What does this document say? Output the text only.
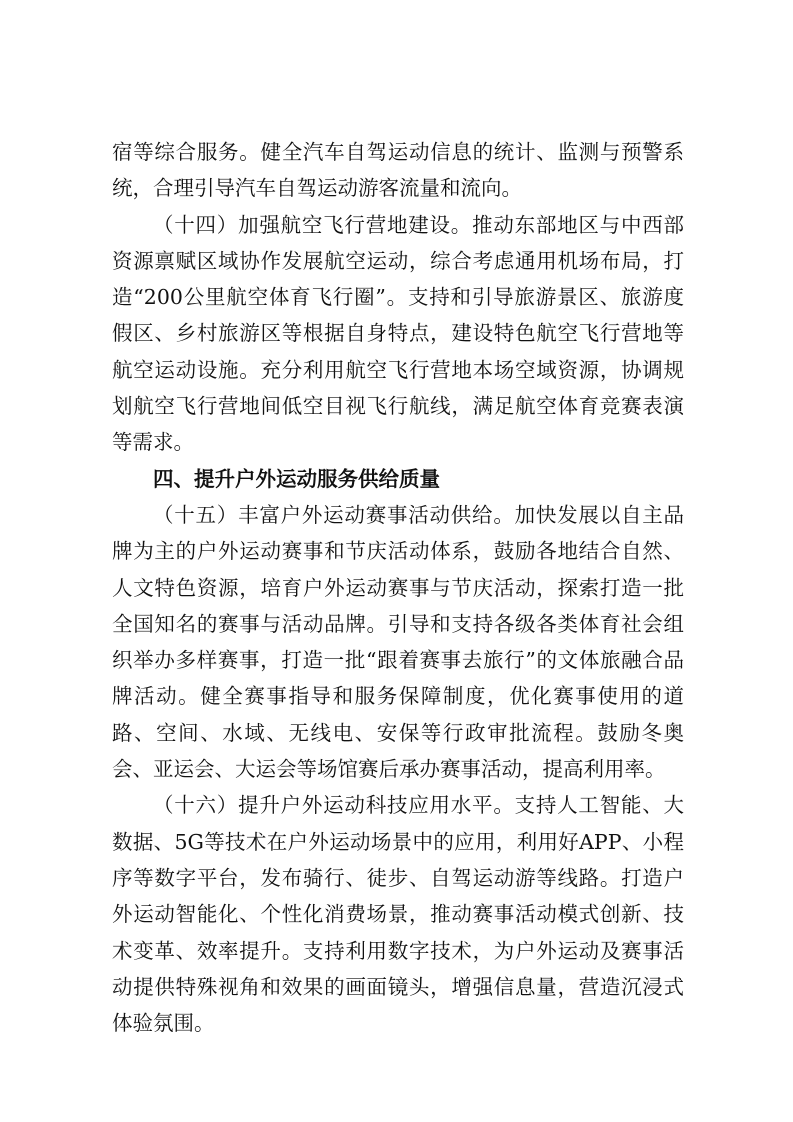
宿等综合服务。健全汽车自驾运动信息的统计、监测与预警系统，合理引导汽车自驾运动游客流量和流向。

（十四）加强航空飞行营地建设。推动东部地区与中西部资源禀赋区域协作发展航空运动，综合考虑通用机场布局，打造“200公里航空体育飞行圈”。支持和引导旅游景区、旅游度假区、乡村旅游区等根据自身特点，建设特色航空飞行营地等航空运动设施。充分利用航空飞行营地本场空域资源，协调规划航空飞行营地间低空目视飞行航线，满足航空体育竞赛表演等需求。

四、提升户外运动服务供给质量

（十五）丰富户外运动赛事活动供给。加快发展以自主品牌为主的户外运动赛事和节庆活动体系，鼓励各地结合自然、人文特色资源，培育户外运动赛事与节庆活动，探索打造一批全国知名的赛事与活动品牌。引导和支持各级各类体育社会组织举办多样赛事，打造一批“跟着赛事去旅行”的文体旅融合品牌活动。健全赛事指导和服务保障制度，优化赛事使用的道路、空间、水域、无线电、安保等行政审批流程。鼓励冬奥会、亚运会、大运会等场馆赛后承办赛事活动，提高利用率。

（十六）提升户外运动科技应用水平。支持人工智能、大数据、5G等技术在户外运动场景中的应用，利用好APP、小程序等数字平台，发布骑行、徒步、自驾运动游等线路。打造户外运动智能化、个性化消费场景，推动赛事活动模式创新、技术变革、效率提升。支持利用数字技术，为户外运动及赛事活动提供特殊视角和效果的画面镜头，增强信息量，营造沉浸式体验氛围。
